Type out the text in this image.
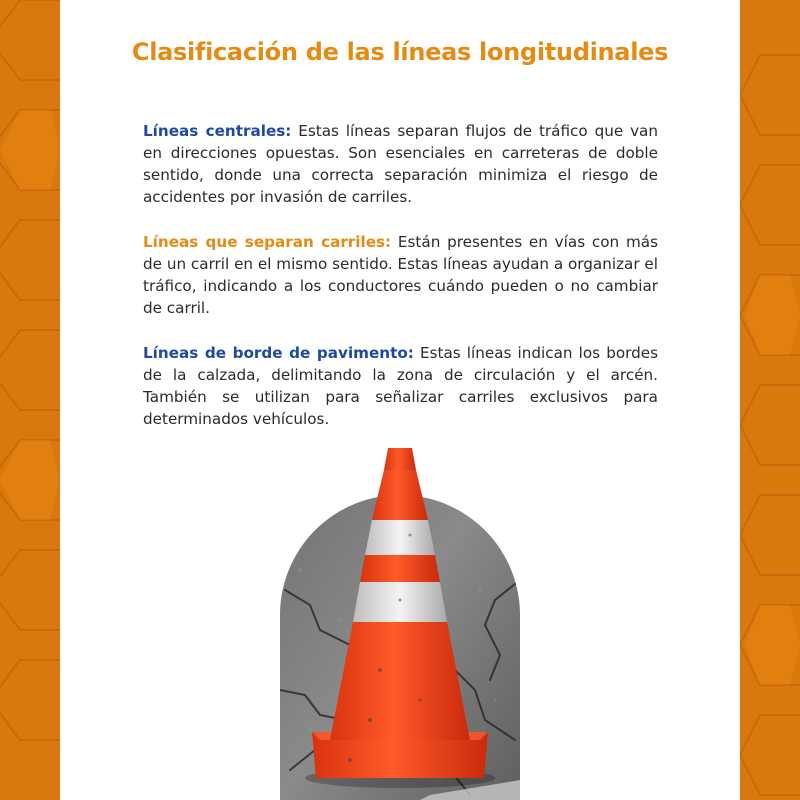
Clasificación de las líneas longitudinales

Líneas centrales: Estas líneas separan flujos de tráfico que van en direcciones opuestas. Son esenciales en carreteras de doble sentido, donde una correcta separación minimiza el riesgo de accidentes por invasión de carriles.

Líneas que separan carriles: Están presentes en vías con más de un carril en el mismo sentido. Estas líneas ayudan a organizar el tráfico, indicando a los conductores cuándo pueden o no cambiar de carril.

Líneas de borde de pavimento: Estas líneas indican los bordes de la calzada, delimitando la zona de circulación y el arcén. También se utilizan para señalizar carriles exclusivos para determinados vehículos.
